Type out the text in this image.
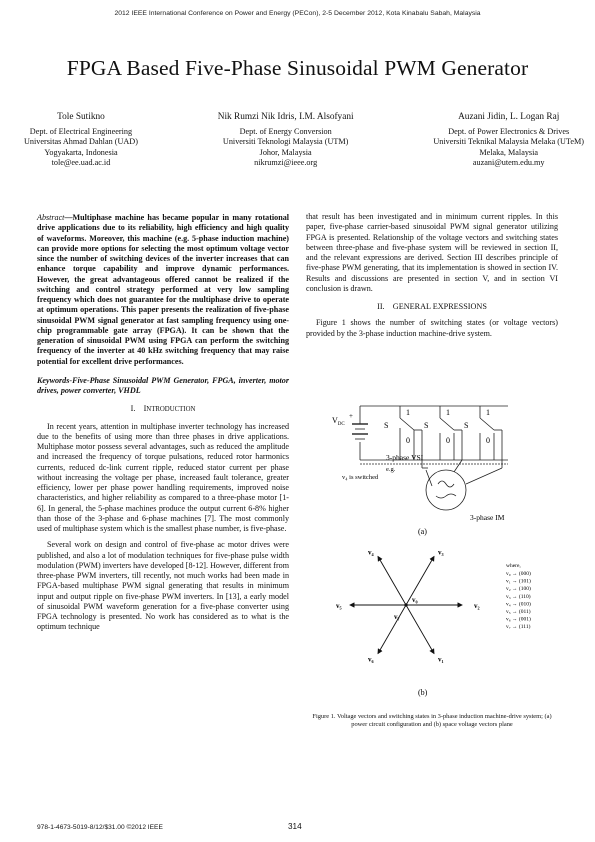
2012 IEEE International Conference on Power and Energy (PECon), 2-5 December 2012, Kota Kinabalu Sabah, Malaysia
FPGA Based Five-Phase Sinusoidal PWM Generator
Tole Sutikno
Dept. of Electrical Engineering
Universitas Ahmad Dahlan (UAD)
Yogyakarta, Indonesia
tole@ee.uad.ac.id
Nik Rumzi Nik Idris, I.M. Alsofyani
Dept. of Energy Conversion
Universiti Teknologi Malaysia (UTM)
Johor, Malaysia
nikrumzi@ieee.org
Auzani Jidin, L. Logan Raj
Dept. of Power Electronics & Drives
Universiti Teknikal Malaysia Melaka (UTeM)
Melaka, Malaysia
auzani@utem.edu.my

Abstract—Multiphase machine has became popular in many rotational drive applications due to its reliability, high efficiency and high quality of waveforms. Moreover, this machine (e.g. 5-phase induction machine) can provide more options for selecting the most optimum voltage vector since the number of switching devices of the inverter increases that can enhance torque capability and improve dynamic performances. However, the great advantageous offered cannot be realized if the switching and control strategy performed at very low sampling frequency which does not guarantee for the multiphase drive to operate at optimum operations. This paper presents the realization of five-phase sinusoidal PWM signal generator at fast sampling frequency using one-chip programmable gate array (FPGA). It can be shown that the generation of sinusoidal PWM using FPGA can perform the switching frequency of the inverter at 40 kHz switching frequency that may raise potential for excellent drive performances.

Keywords-Five-Phase Sinusoidal PWM Generator, FPGA, inverter, motor drives, power converter, VHDL

I. INTRODUCTION

In recent years, attention in multiphase inverter technology has increased due to the benefits of using more than three phases in drive applications. Multiphase motor possess several advantages, such as reduced the amplitude and increased the frequency of torque pulsations, reduced rotor harmonics currents, reduced dc-link current ripple, reduced stator current per phase without increasing the voltage per phase, increased fault tolerance, greater efficiency, lower per phase power handling requirements, improved noise characteristics, and higher reliability as compared to a three-phase motor [1-6]. In general, the 5-phase machines produce the output current 6-8% higher than those of the 3-phase and 6-phase machines [7]. The most commonly used of multiphase system which is the smallest phase number, is five-phase.

Several work on design and control of five-phase ac motor drives were published, and also a lot of modulation techniques for five-phase pulse width modulation (PWM) inverters have developed [8-12]. However, different from three-phase PWM inverters, till recently, not much works had been made in FPGA-based multiphase PWM signal generating that results in minimum input and output ripple on five-phase PWM inverters. In [13], a early model of sinusoidal PWM waveform generation for a five-phase converter using FPGA technology is presented. No work has considered as to what is the optimum technique

that result has been investigated and in minimum current ripples. In this paper, five-phase carrier-based sinusoidal PWM signal generator utilizing FPGA is presented. Relationship of the voltage vectors and switching states between three-phase and five-phase system will be reviewed in section II, and the relevant expressions are derived. Section III describes principle of five-phase PWM generating, that its implementation is showed in section IV. Results and discussions are presented in section V, and in section VI conclusion is drawn.

II. GENERAL EXPRESSIONS

Figure 1 shows the number of switching states (or voltage vectors) provided by the 3-phase induction machine-drive system.

$V_{DC}$
+
S	S	S
1	1	1
0	0	0
3-phase VSI
e.g.
v₄ is switched
3-phase IM
(a)
v₂
v₃
v₄
v₅
v₆	v₁
v₀
v₇
(b)
where,
v₀ → (000)
v₁ → (101)
v₂ → (100)
v₃ → (110)
v₄ → (010)
v₅ → (011)
v₆ → (001)
v₇ → (111)
Figure 1. Voltage vectors and switching states in 3-phase induction machine-drive system; (a) power circuit configuration and (b) space voltage vectors plane
978-1-4673-5019-8/12/$31.00 ©2012 IEEE	314
